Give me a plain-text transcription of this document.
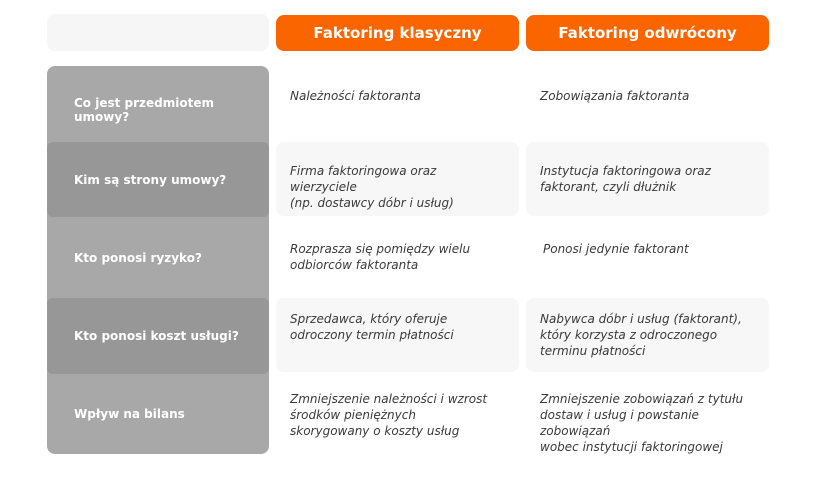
Faktoring klasyczny	Faktoring odwrócony
Co jest przedmiotem umowy?
Kim są strony umowy?
Kto ponosi ryzyko?
Kto ponosi koszt usługi?
Wpływ na bilans
Należności faktoranta	Zobowiązania faktoranta
Firma faktoringowa oraz wierzyciele
(np. dostawcy dóbr i usług)
Instytucja faktoringowa oraz
faktorant, czyli dłużnik
Rozprasza się pomiędzy wielu
odbiorców faktoranta
Ponosi jedynie faktorant
Sprzedawca, który oferuje
odroczony termin płatności
Nabywca dóbr i usług (faktorant),
który korzysta z odroczonego
terminu płatności
Zmniejszenie należności i wzrost
środków pieniężnych
skorygowany o koszty usług
Zmniejszenie zobowiązań z tytułu
dostaw i usług i powstanie zobowiązań
wobec instytucji faktoringowej
